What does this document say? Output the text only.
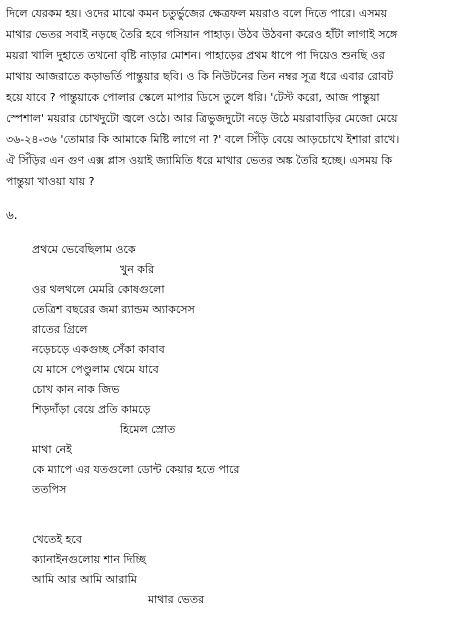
দিলে যেরকম হয়। ওদের মাঝে কমন চতুর্ভুজের ক্ষেত্রফল ময়রাও বলে দিতে পারে। এসময়
মাথার ভেতর সবাই নড়ছে তৈরি হবে গসিয়ান পাহাড়। উঠব উঠবনা করেও হাঁটা লাগাই সঙ্গে
ময়রা খালি দুহাতে তখনো বৃষ্টি নাড়ার মোশন। পাহাড়ের প্রথম ধাপে পা দিয়েও শুনছি ওর
মাথায় আজরাতে কড়াভর্তি পান্তুয়ার ছবি। ও কি নিউটনের তিন নম্বর সূত্র ধরে এবার রোবট
হয়ে যাবে ? পান্তুয়াকে পোলার স্কেলে মাপার ডিসে তুলে ধরি। 'টেস্ট করো, আজ পান্তুয়া
স্পেশাল' ময়রার চোখদুটো জ্বলে ওঠে। আর ত্রিভুজদুটো নড়ে উঠে ময়রাবাড়ির মেজো মেয়ে
৩৬-২৪-৩৬ 'তোমার কি আমাকে মিষ্টি লাগে না ?' বলে সিঁড়ি বেয়ে আড়চোখে ইশারা রাখে।
ঐ সিঁড়ির এন গুণ এক্স প্লাস ওয়াই জ্যামিতি ধরে মাথার ভেতর অঙ্ক তৈরি হচ্ছে। এসময় কি
পান্তুয়া খাওয়া যায় ?
৬.
প্রথমে ভেবেছিলাম ওকে
খুন করি
ওর থলথলে মেমরি কোষগুলো
তেত্রিশ বছরের জমা র‍্যান্ডম অ্যাকসেস
রাতের গ্রিলে
নড়েচড়ে একগুচ্ছ সেঁকা কাবাব
যে মাসে পেণ্ডুলাম থেমে যাবে
চোখ কান নাক জিভ
শিড়দাঁড়া বেয়ে প্রতি কামড়ে
হিমেল স্রোত
মাথা নেই
কে ম্যাপে এর যতগুলো ডোন্ট কেয়ার হতে পারে
ততপিস
খেতেই হবে
ক্যানাইনগুলোয় শান দিচ্ছি
আমি আর আমি আরামি
মাথার ভেতর
